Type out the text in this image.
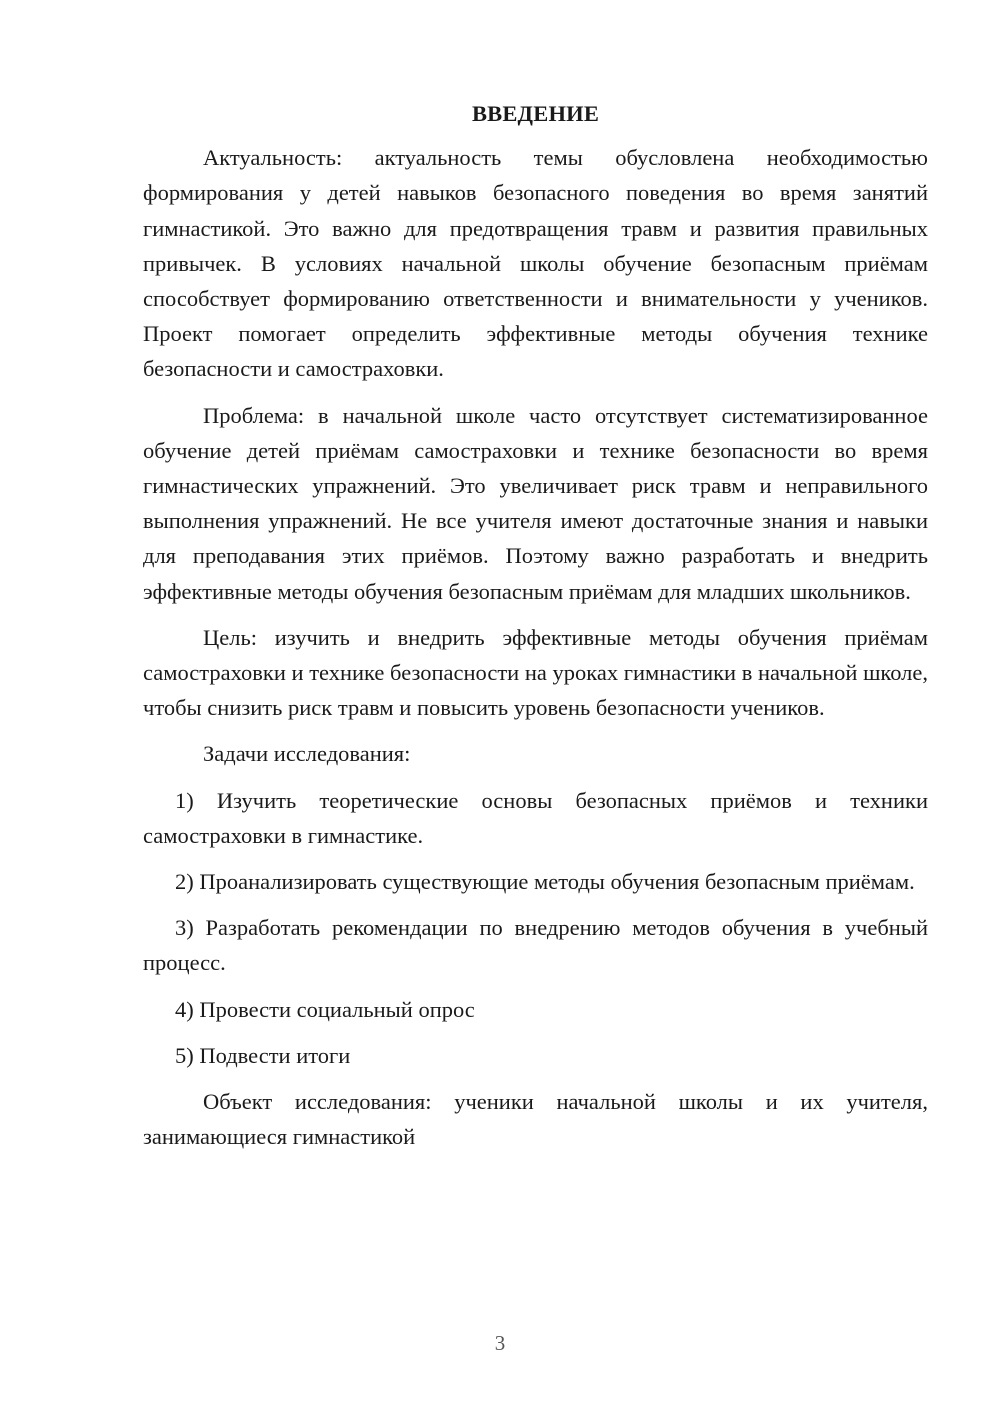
ВВЕДЕНИЕ

Актуальность: актуальность темы обусловлена необходимостью формирования у детей навыков безопасного поведения во время занятий гимнастикой. Это важно для предотвращения травм и развития правильных привычек. В условиях начальной школы обучение безопасным приёмам способствует формированию ответственности и внимательности у учеников. Проект помогает определить эффективные методы обучения технике безопасности и самостраховки.

Проблема: в начальной школе часто отсутствует систематизированное обучение детей приёмам самостраховки и технике безопасности во время гимнастических упражнений. Это увеличивает риск травм и неправильного выполнения упражнений. Не все учителя имеют достаточные знания и навыки для преподавания этих приёмов. Поэтому важно разработать и внедрить эффективные методы обучения безопасным приёмам для младших школьников.

Цель: изучить и внедрить эффективные методы обучения приёмам самостраховки и технике безопасности на уроках гимнастики в начальной школе, чтобы снизить риск травм и повысить уровень безопасности учеников.

Задачи исследования:

1) Изучить теоретические основы безопасных приёмов и техники самостраховки в гимнастике.

2) Проанализировать существующие методы обучения безопасным приёмам.

3) Разработать рекомендации по внедрению методов обучения в учебный процесс.

4) Провести социальный опрос

5) Подвести итоги

Объект исследования: ученики начальной школы и их учителя, занимающиеся гимнастикой

3
